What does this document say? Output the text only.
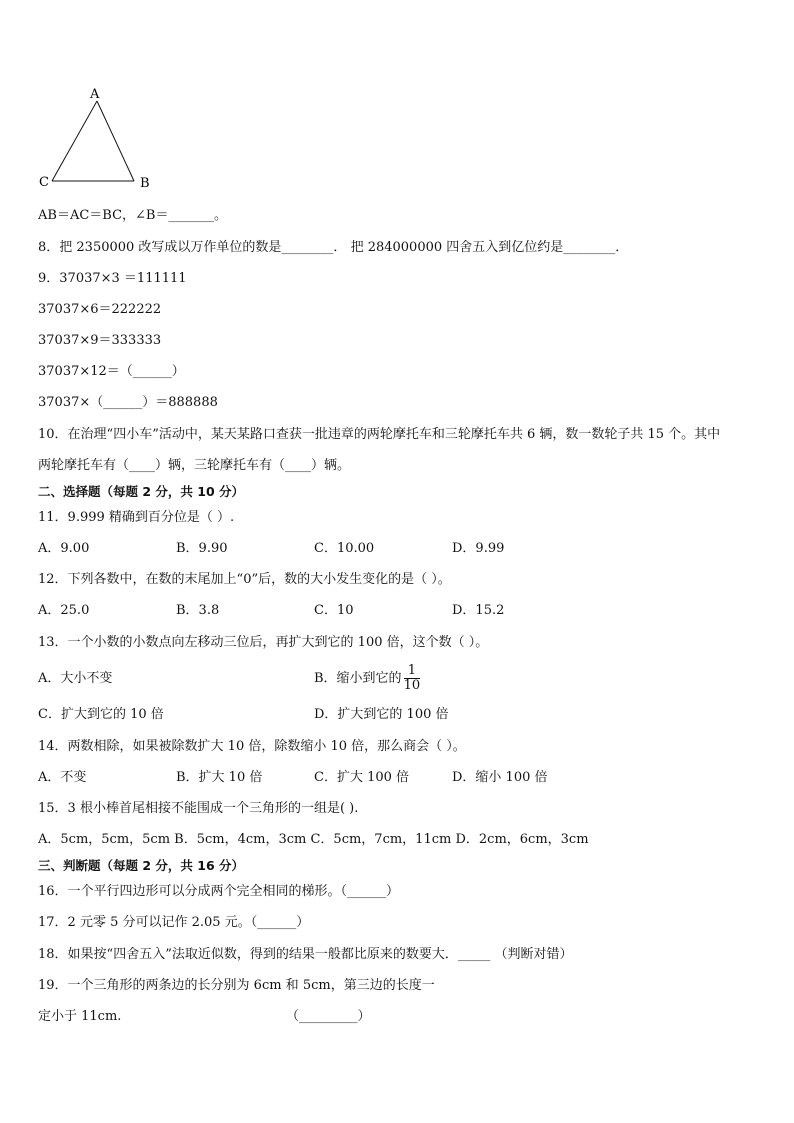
A
B
C
AB＝AC＝BC，∠B＝_______。
8．把 2350000 改写成以万作单位的数是________． 把 284000000 四舍五入到亿位约是________．
9．37037×3 ＝111111
37037×6＝222222
37037×9＝333333
37037×12＝（______）
37037×（______）＝888888
10．在治理“四小车”活动中，某天某路口查获一批违章的两轮摩托车和三轮摩托车共 6 辆，数一数轮子共 15 个。其中
两轮摩托车有（____）辆，三轮摩托车有（____）辆。
二、选择题（每题 2 分，共 10 分）
11．9.999 精确到百分位是（ ）.
A．9.00	B．9.90	C．10.00	D．9.99
12．下列各数中，在数的末尾加上“0”后，数的大小发生变化的是（ ）。
A．25.0	B．3.8	C．10	D．15.2
13．一个小数的小数点向左移动三位后，再扩大到它的 100 倍，这个数（ ）。
A．大小不变	B．缩小到它的 $\frac{1}{10}$
C．扩大到它的 10 倍	D．扩大到它的 100 倍
14．两数相除，如果被除数扩大 10 倍，除数缩小 10 倍，那么商会（ ）。
A．不变	B．扩大 10 倍	C．扩大 100 倍	D．缩小 100 倍
15．3 根小棒首尾相接不能围成一个三角形的一组是( ).
A．5cm，5cm，5cm B．5cm，4cm，3cm C．5cm，7cm，11cm D．2cm，6cm，3cm
三、判断题（每题 2 分，共 16 分）
16．一个平行四边形可以分成两个完全相同的梯形。（______）
17．2 元零 5 分可以记作 2.05 元。（______）
18．如果按“四舍五入”法取近似数，得到的结果一般都比原来的数要大．_____ （判断对错）
19．一个三角形的两条边的长分别为 6cm 和 5cm，第三边的长度一
定小于 11cm.	（_________）
